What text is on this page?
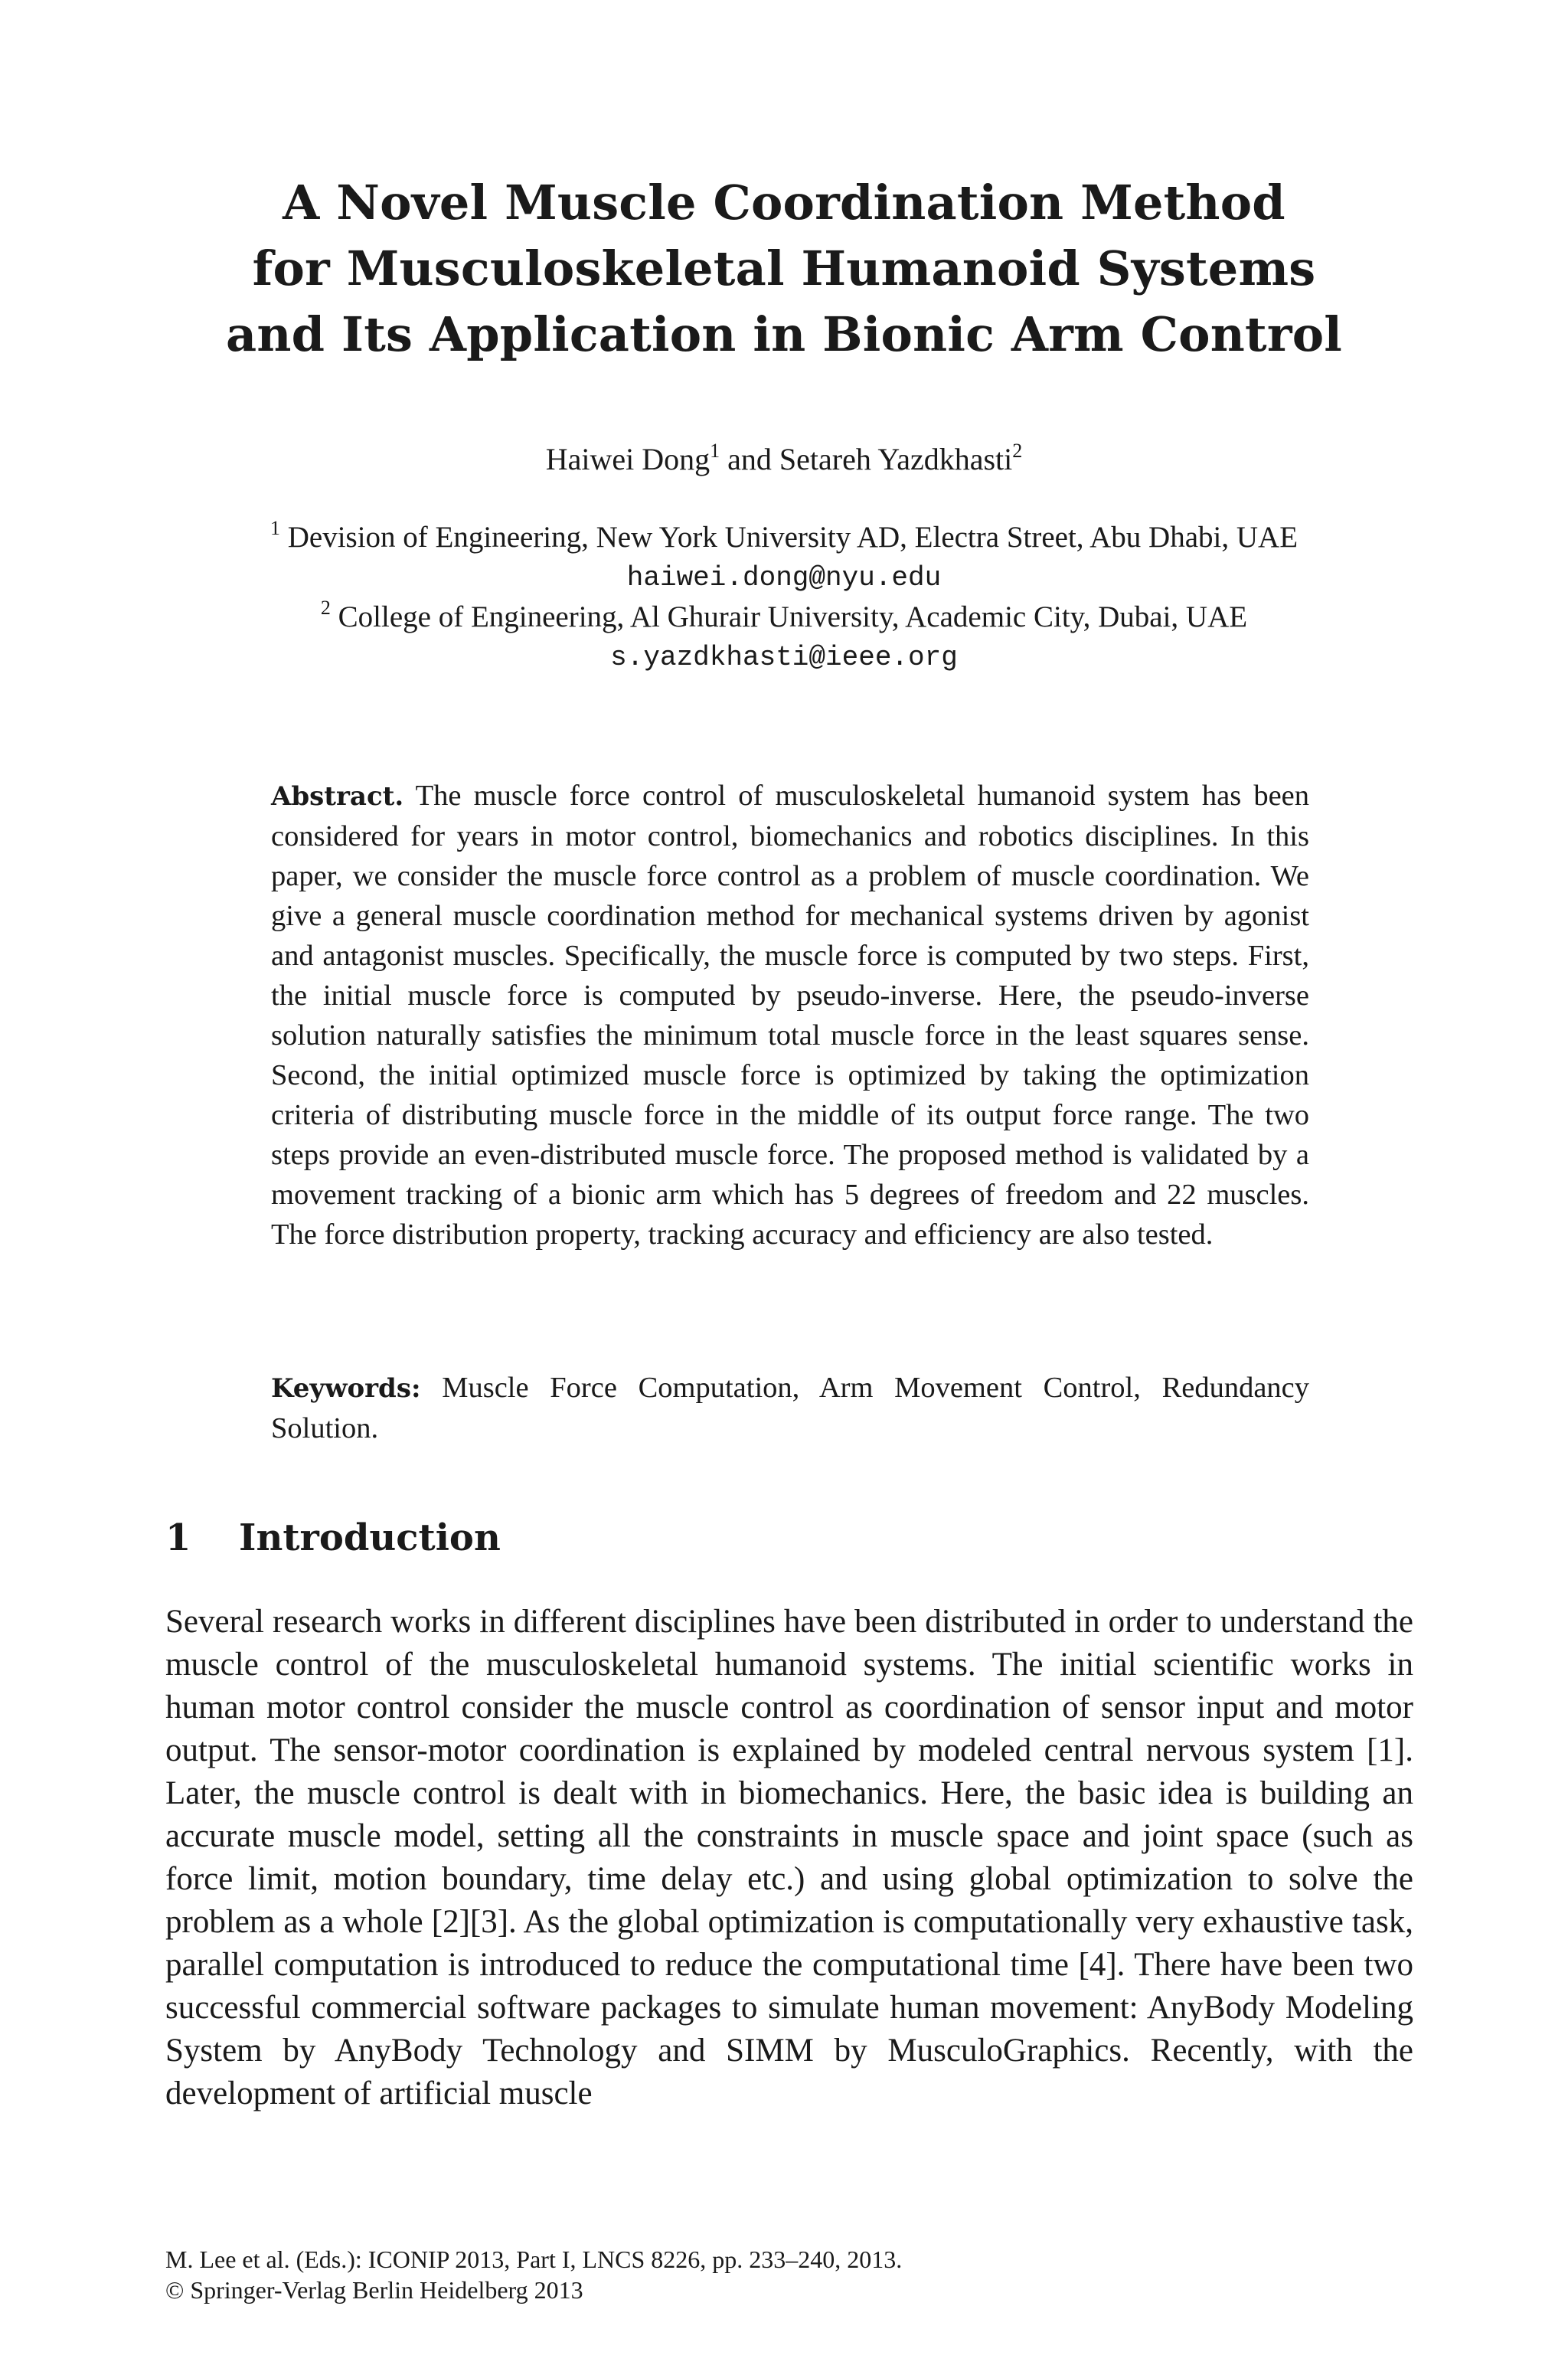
A Novel Muscle Coordination Method
for Musculoskeletal Humanoid Systems
and Its Application in Bionic Arm Control
Haiwei Dong$^1$ and Setareh Yazdkhasti$^2$
$^1$ Devision of Engineering, New York University AD, Electra Street, Abu Dhabi, UAE
haiwei.dong@nyu.edu
$^2$ College of Engineering, Al Ghurair University, Academic City, Dubai, UAE
s.yazdkhasti@ieee.org
Abstract. The muscle force control of musculoskeletal humanoid system has been considered for years in motor control, biomechanics and robotics disciplines. In this paper, we consider the muscle force control as a problem of muscle coordination. We give a general muscle coordination method for mechanical systems driven by agonist and antagonist muscles. Specifically, the muscle force is computed by two steps. First, the initial muscle force is computed by pseudo-inverse. Here, the pseudo-inverse solution naturally satisfies the minimum total muscle force in the least squares sense. Second, the initial optimized muscle force is optimized by taking the optimization criteria of distributing muscle force in the middle of its output force range. The two steps provide an even-distributed muscle force. The proposed method is validated by a movement tracking of a bionic arm which has 5 degrees of freedom and 22 muscles. The force distribution property, tracking accuracy and efficiency are also tested.
Keywords: Muscle Force Computation, Arm Movement Control, Redundancy Solution.
1 Introduction
Several research works in different disciplines have been distributed in order to understand the muscle control of the musculoskeletal humanoid systems. The initial scientific works in human motor control consider the muscle control as coordination of sensor input and motor output. The sensor-motor coordination is explained by modeled central nervous system [1]. Later, the muscle control is dealt with in biomechanics. Here, the basic idea is building an accurate muscle model, setting all the constraints in muscle space and joint space (such as force limit, motion boundary, time delay etc.) and using global optimization to solve the problem as a whole [2][3]. As the global optimization is computationally very exhaustive task, parallel computation is introduced to reduce the computational time [4]. There have been two successful commercial software packages to simulate human movement: AnyBody Modeling System by AnyBody Technology and SIMM by MusculoGraphics. Recently, with the development of artificial muscle
M. Lee et al. (Eds.): ICONIP 2013, Part I, LNCS 8226, pp. 233–240, 2013.
© Springer-Verlag Berlin Heidelberg 2013
